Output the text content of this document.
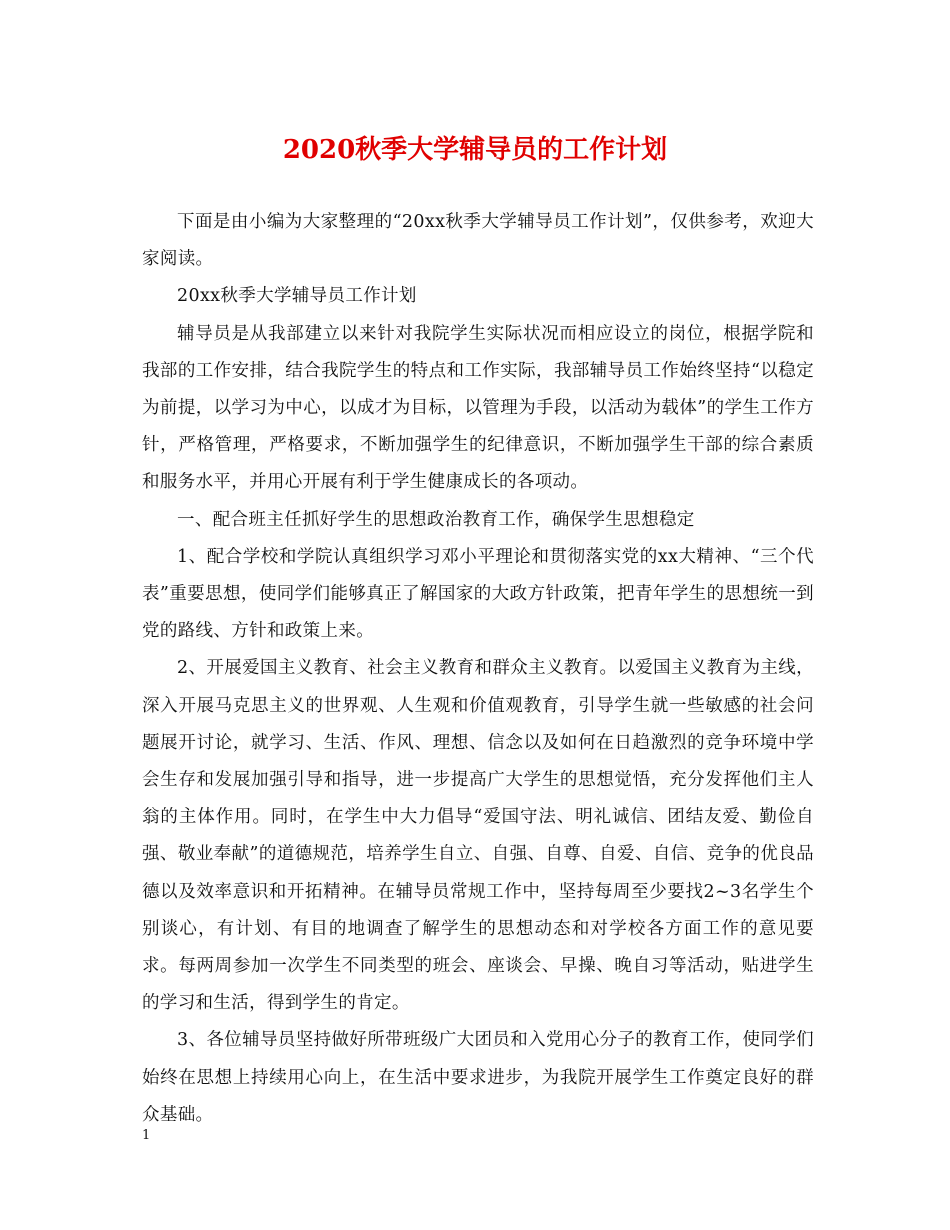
2020秋季大学辅导员的工作计划

下面是由小编为大家整理的“20xx秋季大学辅导员工作计划”，仅供参考，欢迎大家阅读。

20xx秋季大学辅导员工作计划

辅导员是从我部建立以来针对我院学生实际状况而相应设立的岗位，根据学院和我部的工作安排，结合我院学生的特点和工作实际，我部辅导员工作始终坚持“以稳定为前提，以学习为中心，以成才为目标，以管理为手段，以活动为载体”的学生工作方针，严格管理，严格要求，不断加强学生的纪律意识，不断加强学生干部的综合素质和服务水平，并用心开展有利于学生健康成长的各项动。

一、配合班主任抓好学生的思想政治教育工作，确保学生思想稳定

1、配合学校和学院认真组织学习邓小平理论和贯彻落实党的xx大精神、“三个代表”重要思想，使同学们能够真正了解国家的大政方针政策，把青年学生的思想统一到党的路线、方针和政策上来。

2、开展爱国主义教育、社会主义教育和群众主义教育。以爱国主义教育为主线，深入开展马克思主义的世界观、人生观和价值观教育，引导学生就一些敏感的社会问题展开讨论，就学习、生活、作风、理想、信念以及如何在日趋激烈的竞争环境中学会生存和发展加强引导和指导，进一步提高广大学生的思想觉悟，充分发挥他们主人翁的主体作用。同时，在学生中大力倡导“爱国守法、明礼诚信、团结友爱、勤俭自强、敬业奉献”的道德规范，培养学生自立、自强、自尊、自爱、自信、竞争的优良品德以及效率意识和开拓精神。在辅导员常规工作中，坚持每周至少要找2~3名学生个别谈心，有计划、有目的地调查了解学生的思想动态和对学校各方面工作的意见要求。每两周参加一次学生不同类型的班会、座谈会、早操、晚自习等活动，贴进学生的学习和生活，得到学生的肯定。

3、各位辅导员坚持做好所带班级广大团员和入党用心分子的教育工作，使同学们始终在思想上持续用心向上，在生活中要求进步，为我院开展学生工作奠定良好的群众基础。

1
